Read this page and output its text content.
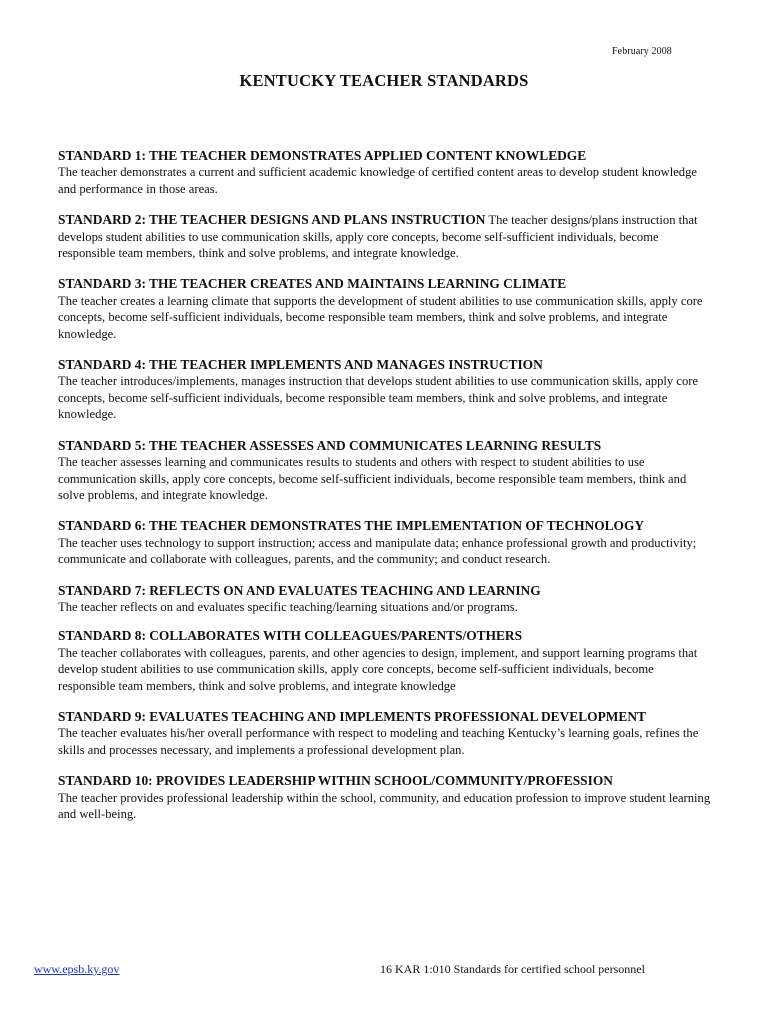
February 2008
KENTUCKY TEACHER STANDARDS
STANDARD 1: THE TEACHER DEMONSTRATES APPLIED CONTENT KNOWLEDGE
The teacher demonstrates a current and sufficient academic knowledge of certified content areas to develop student knowledge and performance in those areas.
STANDARD 2: THE TEACHER DESIGNS AND PLANS INSTRUCTION The teacher designs/plans instruction that develops student abilities to use communication skills, apply core concepts, become self-sufficient individuals, become responsible team members, think and solve problems, and integrate knowledge.
STANDARD 3: THE TEACHER CREATES AND MAINTAINS LEARNING CLIMATE
The teacher creates a learning climate that supports the development of student abilities to use communication skills, apply core concepts, become self-sufficient individuals, become responsible team members, think and solve problems, and integrate knowledge.
STANDARD 4: THE TEACHER IMPLEMENTS AND MANAGES INSTRUCTION
The teacher introduces/implements, manages instruction that develops student abilities to use communication skills, apply core concepts, become self-sufficient individuals, become responsible team members, think and solve problems, and integrate knowledge.
STANDARD 5: THE TEACHER ASSESSES AND COMMUNICATES LEARNING RESULTS
The teacher assesses learning and communicates results to students and others with respect to student abilities to use communication skills, apply core concepts, become self-sufficient individuals, become responsible team members, think and solve problems, and integrate knowledge.
STANDARD 6: THE TEACHER DEMONSTRATES THE IMPLEMENTATION OF TECHNOLOGY
The teacher uses technology to support instruction; access and manipulate data; enhance professional growth and productivity; communicate and collaborate with colleagues, parents, and the community; and conduct research.
STANDARD 7: REFLECTS ON AND EVALUATES TEACHING AND LEARNING
The teacher reflects on and evaluates specific teaching/learning situations and/or programs.
STANDARD 8: COLLABORATES WITH COLLEAGUES/PARENTS/OTHERS
The teacher collaborates with colleagues, parents, and other agencies to design, implement, and support learning programs that develop student abilities to use communication skills, apply core concepts, become self-sufficient individuals, become responsible team members, think and solve problems, and integrate knowledge
STANDARD 9: EVALUATES TEACHING AND IMPLEMENTS PROFESSIONAL DEVELOPMENT
The teacher evaluates his/her overall performance with respect to modeling and teaching Kentucky’s learning goals, refines the skills and processes necessary, and implements a professional development plan.
STANDARD 10: PROVIDES LEADERSHIP WITHIN SCHOOL/COMMUNITY/PROFESSION
The teacher provides professional leadership within the school, community, and education profession to improve student learning and well-being.
www.epsb.ky.gov	16 KAR 1:010 Standards for certified school personnel
